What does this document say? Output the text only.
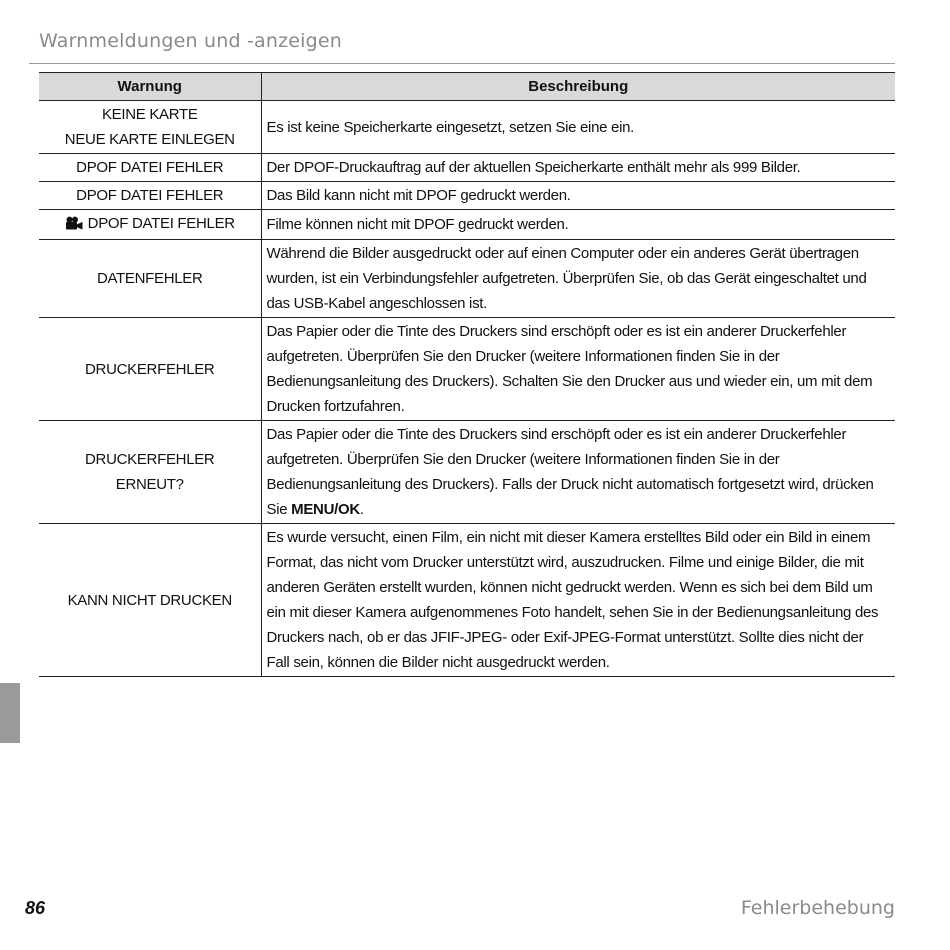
Warnmeldungen und -anzeigen
Warnung	Beschreibung

KEINE KARTE
NEUE KARTE EINLEGEN	Es ist keine Speicherkarte eingesetzt, setzen Sie eine ein.
DPOF DATEI FEHLER	Der DPOF-Druckauftrag auf der aktuellen Speicherkarte enthält mehr als 999 Bilder.
DPOF DATEI FEHLER	Das Bild kann nicht mit DPOF gedruckt werden.
DPOF DATEI FEHLER	Filme können nicht mit DPOF gedruckt werden.
DATENFEHLER	Während die Bilder ausgedruckt oder auf einen Computer oder ein anderes Gerät übertragen wurden, ist ein Verbindungsfehler aufgetreten. Überprüfen Sie, ob das Gerät eingeschaltet und das USB-Kabel angeschlossen ist.
DRUCKERFEHLER	Das Papier oder die Tinte des Druckers sind erschöpft oder es ist ein anderer Druckerfehler aufgetreten. Überprüfen Sie den Drucker (weitere Informationen finden Sie in der Bedienungsanleitung des Druckers). Schalten Sie den Drucker aus und wieder ein, um mit dem Drucken fortzufahren.

DRUCKERFEHLER
ERNEUT?	Das Papier oder die Tinte des Druckers sind erschöpft oder es ist ein anderer Druckerfehler aufgetreten. Überprüfen Sie den Drucker (weitere Informationen finden Sie in der Bedienungsanleitung des Druckers). Falls der Druck nicht automatisch fortgesetzt wird, drücken Sie MENU/OK.
KANN NICHT DRUCKEN	Es wurde versucht, einen Film, ein nicht mit dieser Kamera erstelltes Bild oder ein Bild in einem Format, das nicht vom Drucker unterstützt wird, auszudrucken. Filme und einige Bilder, die mit anderen Geräten erstellt wurden, können nicht gedruckt werden. Wenn es sich bei dem Bild um ein mit dieser Kamera aufgenommenes Foto handelt, sehen Sie in der Bedienungsanleitung des Druckers nach, ob er das JFIF-JPEG- oder Exif-JPEG-Format unterstützt. Sollte dies nicht der Fall sein, können die Bilder nicht ausgedruckt werden.
86	Fehlerbehebung
